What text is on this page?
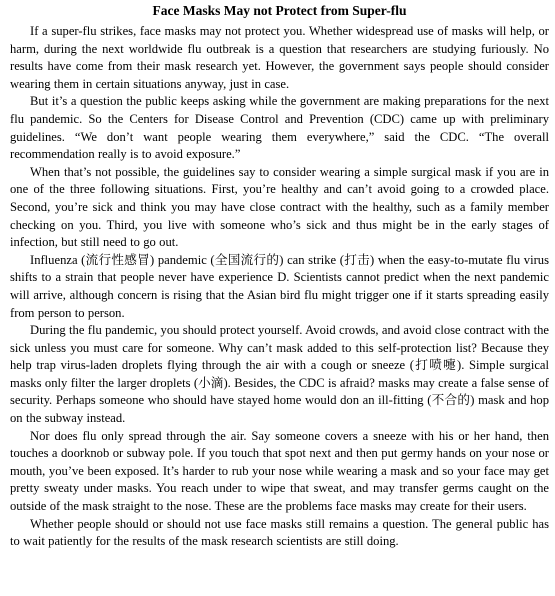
Face Masks May not Protect from Super-flu

If a super-flu strikes, face masks may not protect you. Whether widespread use of masks will help, or harm, during the next worldwide flu outbreak is a question that researchers are studying furiously. No results have come from their mask research yet. However, the government says people should consider wearing them in certain situations anyway, just in case.

But it’s a question the public keeps asking while the government are making preparations for the next flu pandemic. So the Centers for Disease Control and Prevention (CDC) came up with preliminary guidelines. “We don’t want people wearing them everywhere,” said the CDC. “The overall recommendation really is to avoid exposure.”

When that’s not possible, the guidelines say to consider wearing a simple surgical mask if you are in one of the three following situations. First, you’re healthy and can’t avoid going to a crowded place. Second, you’re sick and think you may have close contract with the healthy, such as a family member checking on you. Third, you live with someone who’s sick and thus might be in the early stages of infection, but still need to go out.

Influenza (流行性感冒) pandemic (全国流行的) can strike (打击) when the easy-to-mutate flu virus shifts to a strain that people never have experience D. Scientists cannot predict when the next pandemic will arrive, although concern is rising that the Asian bird flu might trigger one if it starts spreading easily from person to person.

During the flu pandemic, you should protect yourself. Avoid crowds, and avoid close contract with the sick unless you must care for someone. Why can’t mask added to this self-protection list? Because they help trap virus-laden droplets flying through the air with a cough or sneeze (打喷嚏). Simple surgical masks only filter the larger droplets (小滴). Besides, the CDC is afraid? masks may create a false sense of security. Perhaps someone who should have stayed home would don an ill-fitting (不合的) mask and hop on the subway instead.

Nor does flu only spread through the air. Say someone covers a sneeze with his or her hand, then touches a doorknob or subway pole. If you touch that spot next and then put germy hands on your nose or mouth, you’ve been exposed. It’s harder to rub your nose while wearing a mask and so your face may get pretty sweaty under masks. You reach under to wipe that sweat, and may transfer germs caught on the outside of the mask straight to the nose. These are the problems face masks may create for their users.

Whether people should or should not use face masks still remains a question. The general public has to wait patiently for the results of the mask research scientists are still doing.
